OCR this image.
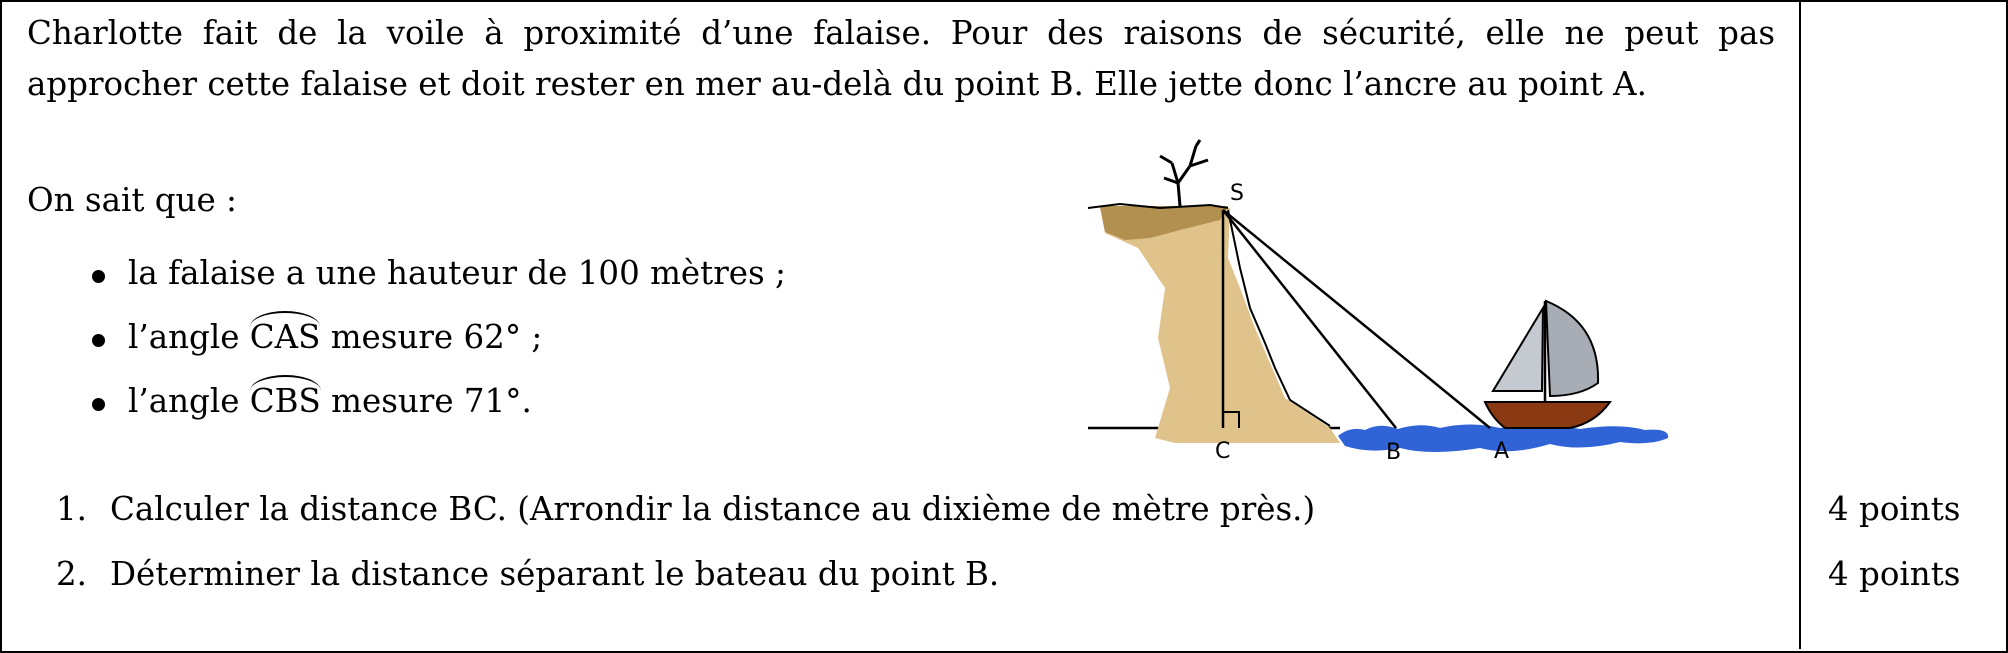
Charlotte fait de la voile à proximité d’une falaise. Pour des raisons de sécurité, elle ne peut pas approcher cette falaise et doit rester en mer au-delà du point B. Elle jette donc l’ancre au point A.
On sait que :
la falaise a une hauteur de 100 mètres ;
l’angle CAS mesure 62° ;
l’angle CBS mesure 71°.
S
C	B	A
1. Calculer la distance BC. (Arrondir la distance au dixième de mètre près.)	4 points
2. Déterminer la distance séparant le bateau du point B.	4 points
